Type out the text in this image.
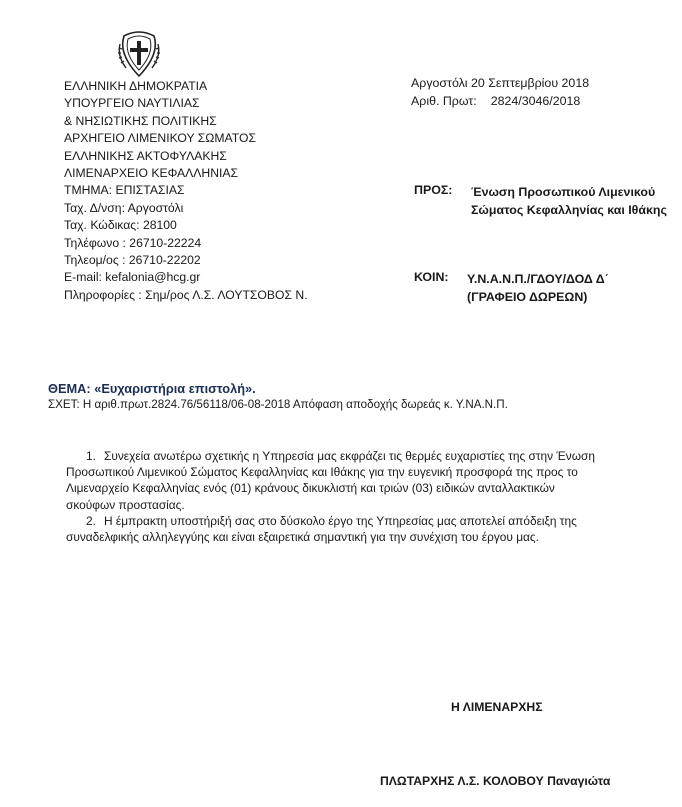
ΕΛΛΗΝΙΚΗ ΔΗΜΟΚΡΑΤΙΑ
ΥΠΟΥΡΓΕΙΟ ΝΑΥΤΙΛΙΑΣ
& ΝΗΣΙΩΤΙΚΗΣ ΠΟΛΙΤΙΚΗΣ
ΑΡΧΗΓΕΙΟ ΛΙΜΕΝΙΚΟΥ ΣΩΜΑΤΟΣ
ΕΛΛΗΝΙΚΗΣ ΑΚΤΟΦΥΛΑΚΗΣ
ΛΙΜΕΝΑΡΧΕΙΟ ΚΕΦΑΛΛΗΝΙΑΣ
ΤΜΗΜΑ: ΕΠΙΣΤΑΣΙΑΣ
Ταχ. Δ/νση: Αργοστόλι
Ταχ. Κώδικας: 28100
Τηλέφωνο : 26710-22224
Τηλεομ/ος : 26710-22202
E-mail: kefalonia@hcg.gr
Πληροφορίες : Σημ/ρος Λ.Σ. ΛΟΥΤΣΟΒΟΣ Ν.
Αργοστόλι 20 Σεπτεμβρίου 2018
Αριθ. Πρωτ: 2824/3046/2018
ΠΡΟΣ: Ένωση Προσωπικού Λιμενικού
Σώματος Κεφαλληνίας και Ιθάκης
ΚΟΙΝ: Υ.Ν.Α.Ν.Π./ΓΔΟΥ/ΔΟΔ Δ΄
(ΓΡΑΦΕΙΟ ΔΩΡΕΩΝ)
ΘΕΜΑ: «Ευχαριστήρια επιστολή».
ΣΧΕΤ: Η αριθ.πρωτ.2824.76/56118/06-08-2018 Απόφαση αποδοχής δωρεάς κ. Υ.ΝΑ.Ν.Π.
1. Συνεχεία ανωτέρω σχετικής η Υπηρεσία μας εκφράζει τις θερμές ευχαριστίες της στην Ένωση
Προσωπικού Λιμενικού Σώματος Κεφαλληνίας και Ιθάκης για την ευγενική προσφορά της προς το
Λιμεναρχείο Κεφαλληνίας ενός (01) κράνους δικυκλιστή και τριών (03) ειδικών ανταλλακτικών
σκούφων προστασίας.
2. Η έμπρακτη υποστήριξή σας στο δύσκολο έργο της Υπηρεσίας μας αποτελεί απόδειξη της
συναδελφικής αλληλεγγύης και είναι εξαιρετικά σημαντική για την συνέχιση του έργου μας.
Η ΛΙΜΕΝΑΡΧΗΣ
ΠΛΩΤΑΡΧΗΣ Λ.Σ. ΚΟΛΟΒΟΥ Παναγιώτα
